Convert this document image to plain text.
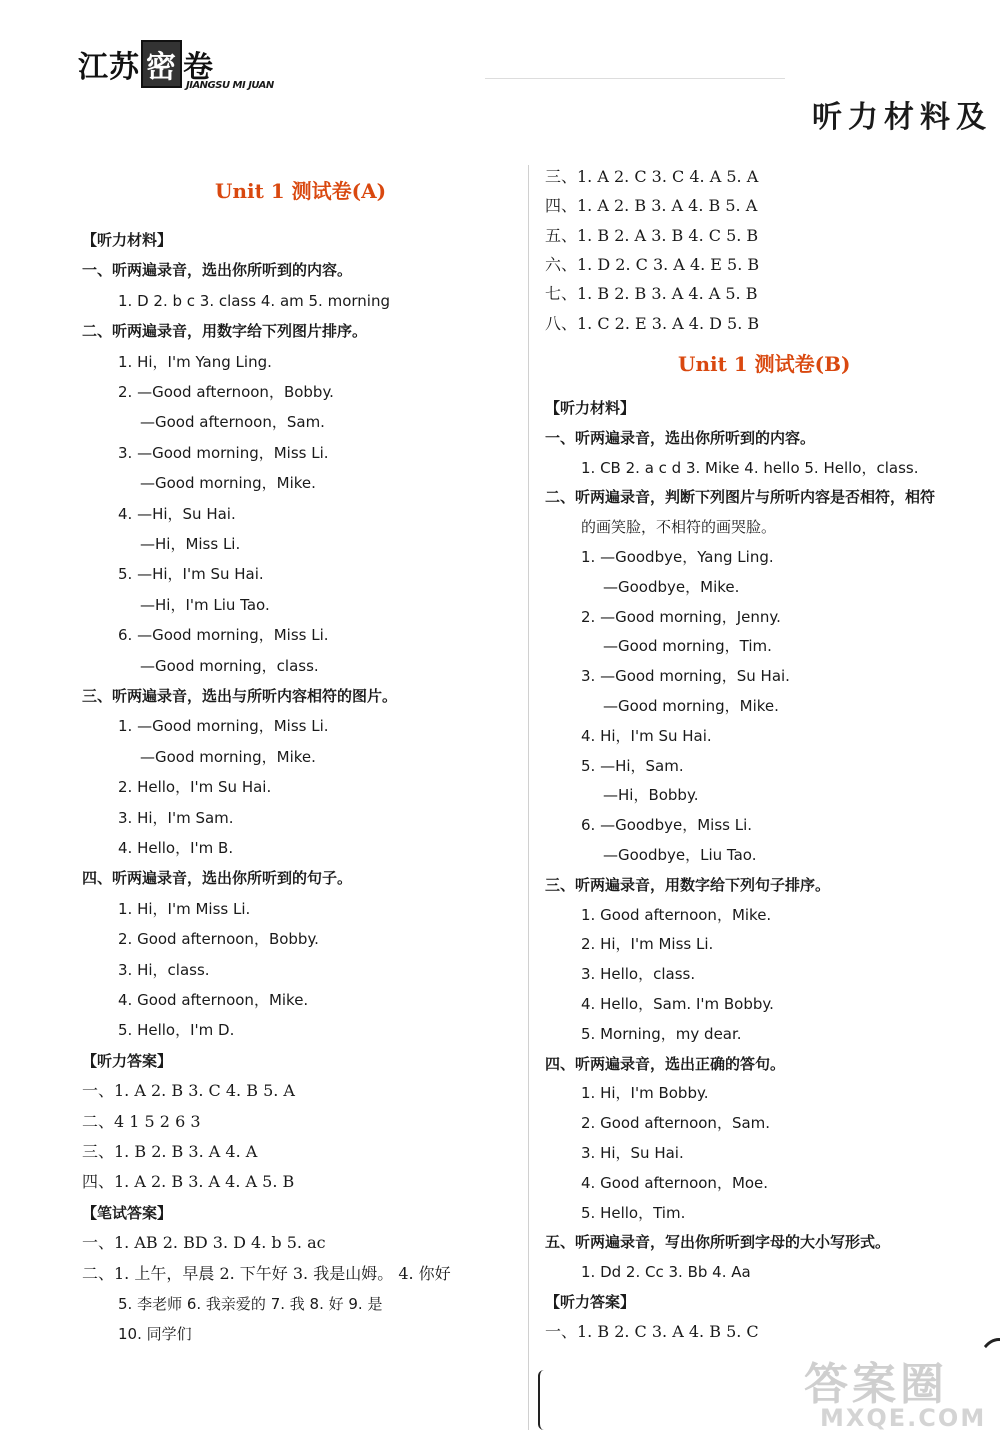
江苏 密 卷
JIANGSU MI JUAN
听力材料及
Unit 1 测试卷(A)
【听力材料】
一、听两遍录音，选出你所听到的内容。
1. D 2. b c 3. class 4. am 5. morning
二、听两遍录音，用数字给下列图片排序。
1. Hi，I'm Yang Ling.
2. —Good afternoon，Bobby.
—Good afternoon，Sam.
3. —Good morning，Miss Li.
—Good morning，Mike.
4. —Hi，Su Hai.
—Hi，Miss Li.
5. —Hi，I'm Su Hai.
—Hi，I'm Liu Tao.
6. —Good morning，Miss Li.
—Good morning，class.
三、听两遍录音，选出与所听内容相符的图片。
1. —Good morning，Miss Li.
—Good morning，Mike.
2. Hello，I'm Su Hai.
3. Hi，I'm Sam.
4. Hello，I'm B.
四、听两遍录音，选出你所听到的句子。
1. Hi，I'm Miss Li.
2. Good afternoon，Bobby.
3. Hi，class.
4. Good afternoon，Mike.
5. Hello，I'm D.
【听力答案】
一、1. A 2. B 3. C 4. B 5. A
二、4 1 5 2 6 3
三、1. B 2. B 3. A 4. A
四、1. A 2. B 3. A 4. A 5. B
【笔试答案】
一、1. AB 2. BD 3. D 4. b 5. ac
二、1. 上午，早晨 2. 下午好 3. 我是山姆。 4. 你好
5. 李老师 6. 我亲爱的 7. 我 8. 好 9. 是
10. 同学们
三、1. A 2. C 3. C 4. A 5. A
四、1. A 2. B 3. A 4. B 5. A
五、1. B 2. A 3. B 4. C 5. B
六、1. D 2. C 3. A 4. E 5. B
七、1. B 2. B 3. A 4. A 5. B
八、1. C 2. E 3. A 4. D 5. B
Unit 1 测试卷(B)
【听力材料】
一、听两遍录音，选出你所听到的内容。
1. CB 2. a c d 3. Mike 4. hello 5. Hello，class.
二、听两遍录音，判断下列图片与所听内容是否相符，相符
的画笑脸，不相符的画哭脸。
1. —Goodbye，Yang Ling.
—Goodbye，Mike.
2. —Good morning，Jenny.
—Good morning，Tim.
3. —Good morning，Su Hai.
—Good morning，Mike.
4. Hi，I'm Su Hai.
5. —Hi，Sam.
—Hi，Bobby.
6. —Goodbye，Miss Li.
—Goodbye，Liu Tao.
三、听两遍录音，用数字给下列句子排序。
1. Good afternoon，Mike.
2. Hi，I'm Miss Li.
3. Hello，class.
4. Hello，Sam. I'm Bobby.
5. Morning，my dear.
四、听两遍录音，选出正确的答句。
1. Hi，I'm Bobby.
2. Good afternoon，Sam.
3. Hi，Su Hai.
4. Good afternoon，Moe.
5. Hello，Tim.
五、听两遍录音，写出你所听到字母的大小写形式。
1. Dd 2. Cc 3. Bb 4. Aa
【听力答案】
一、1. B 2. C 3. A 4. B 5. C
答案圈
MXQE.COM
